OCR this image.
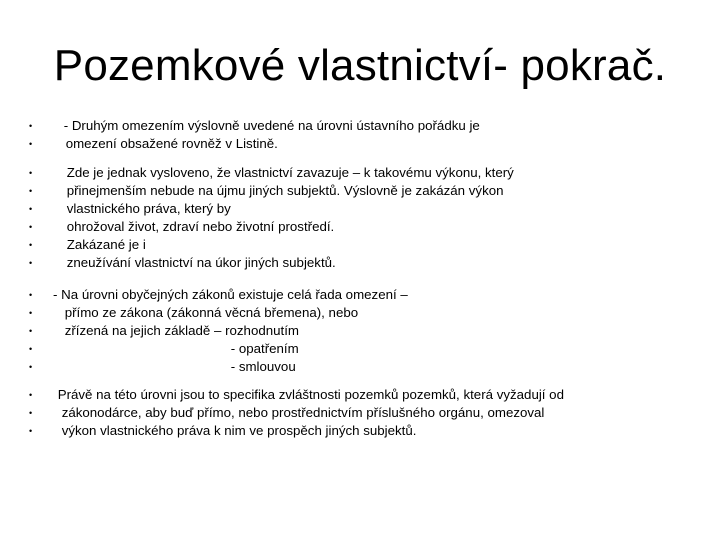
Pozemkové vlastnictví- pokrač.

•

	- Druhým omezením výslovně uvedené na úrovni ústavního pořádku je

•

	omezení obsažené rovněž v Listině.

•

	Zde je jednak vysloveno, že vlastnictví zavazuje – k takovému výkonu, který

•

	přinejmenším nebude na újmu jiných subjektů. Výslovně je zakázán výkon

•

	vlastnického práva, který by

•

	ohrožoval život, zdraví nebo životní prostředí.

•

	Zakázané je i

•

	zneužívání vlastnictví na úkor jiných subjektů.

•

	- Na úrovni obyčejných zákonů existuje celá řada omezení –

•

	přímo ze zákona (zákonná věcná břemena), nebo

•

	zřízená na jejich základě – rozhodnutím

•

	- opatřením

•

	- smlouvou

•

	Právě na této úrovni jsou to specifika zvláštnosti pozemků pozemků, která vyžadují od

•

	zákonodárce, aby buď přímo, nebo prostřednictvím příslušného orgánu, omezoval

•

	výkon vlastnického práva k nim ve prospěch jiných subjektů.
